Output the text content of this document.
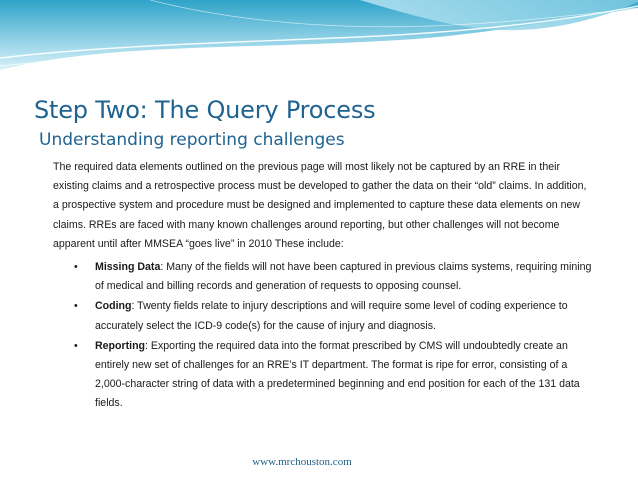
Step Two: The Query Process
Understanding reporting challenges

The required data elements outlined on the previous page will most likely not be captured by an RRE in their existing claims and a retrospective process must be developed to gather the data on their “old” claims. In addition, a prospective system and procedure must be designed and implemented to capture these data elements on new claims. RREs are faced with many known challenges around reporting, but other challenges will not become apparent until after MMSEA “goes live” in 2010 These include:

• Missing Data: Many of the fields will not have been captured in previous claims systems, requiring mining of medical and billing records and generation of requests to opposing counsel.
• Coding: Twenty fields relate to injury descriptions and will require some level of coding experience to accurately select the ICD-9 code(s) for the cause of injury and diagnosis.
• Reporting: Exporting the required data into the format prescribed by CMS will undoubtedly create an entirely new set of challenges for an RRE’s IT department. The format is ripe for error, consisting of a 2,000-character string of data with a predetermined beginning and end position for each of the 131 data fields.
www.mrchouston.com
